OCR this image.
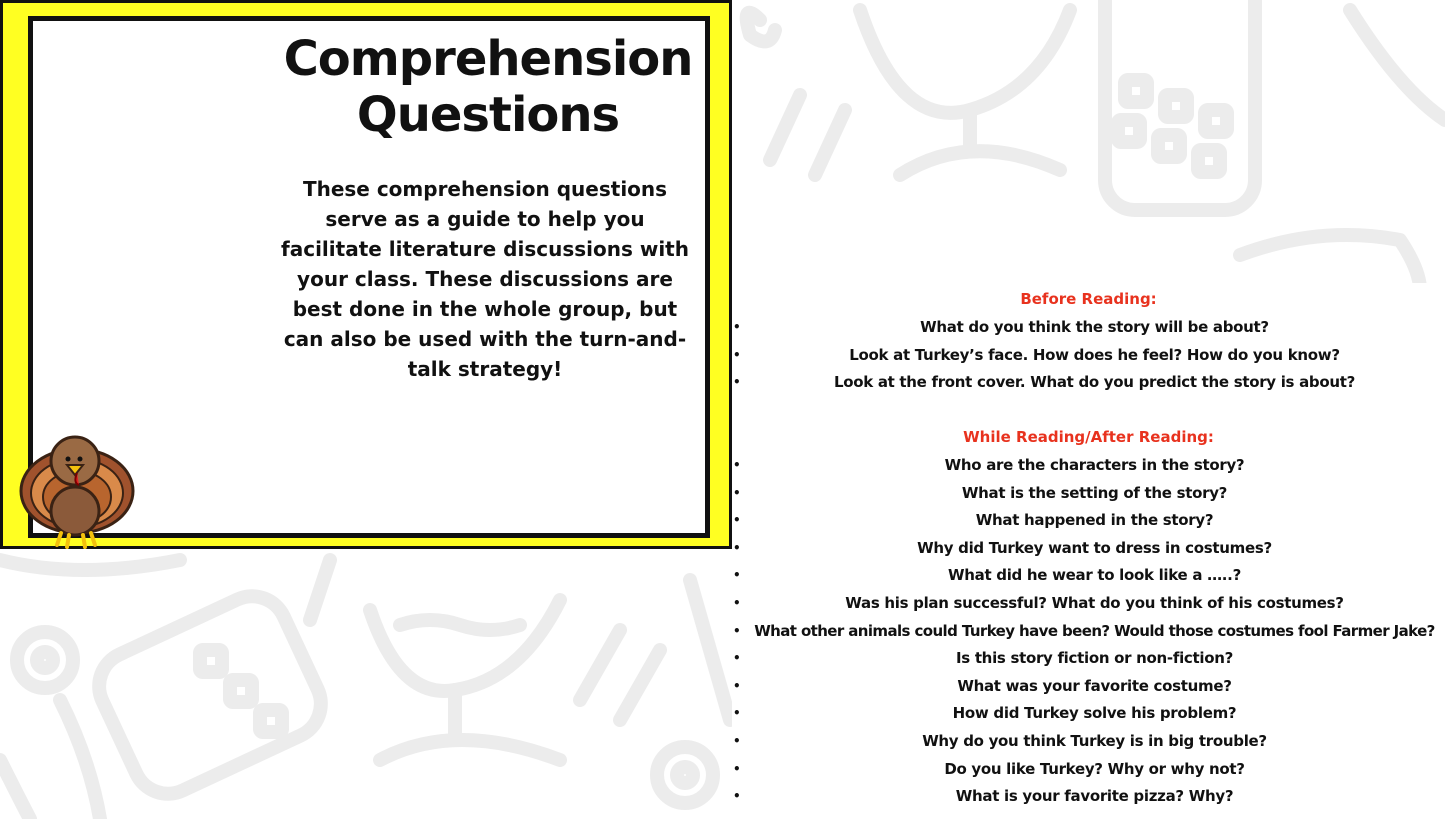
Comprehension
Questions
These comprehension questions serve as a guide to help you facilitate literature discussions with your class. These discussions are best done in the whole group, but can also be used with the turn-and-talk strategy!
Before Reading:
•	What do you think the story will be about?
•	Look at Turkey’s face. How does he feel? How do you know?
•	Look at the front cover. What do you predict the story is about?
While Reading/After Reading:
•	Who are the characters in the story?
•	What is the setting of the story?
•	What happened in the story?
•	Why did Turkey want to dress in costumes?
•	What did he wear to look like a …..?
•	Was his plan successful? What do you think of his costumes?
• What other animals could Turkey have been? Would those costumes fool Farmer Jake?
•	Is this story fiction or non-fiction?
•	What was your favorite costume?
•	How did Turkey solve his problem?
•	Why do you think Turkey is in big trouble?
•	Do you like Turkey? Why or why not?
•	What is your favorite pizza? Why?
